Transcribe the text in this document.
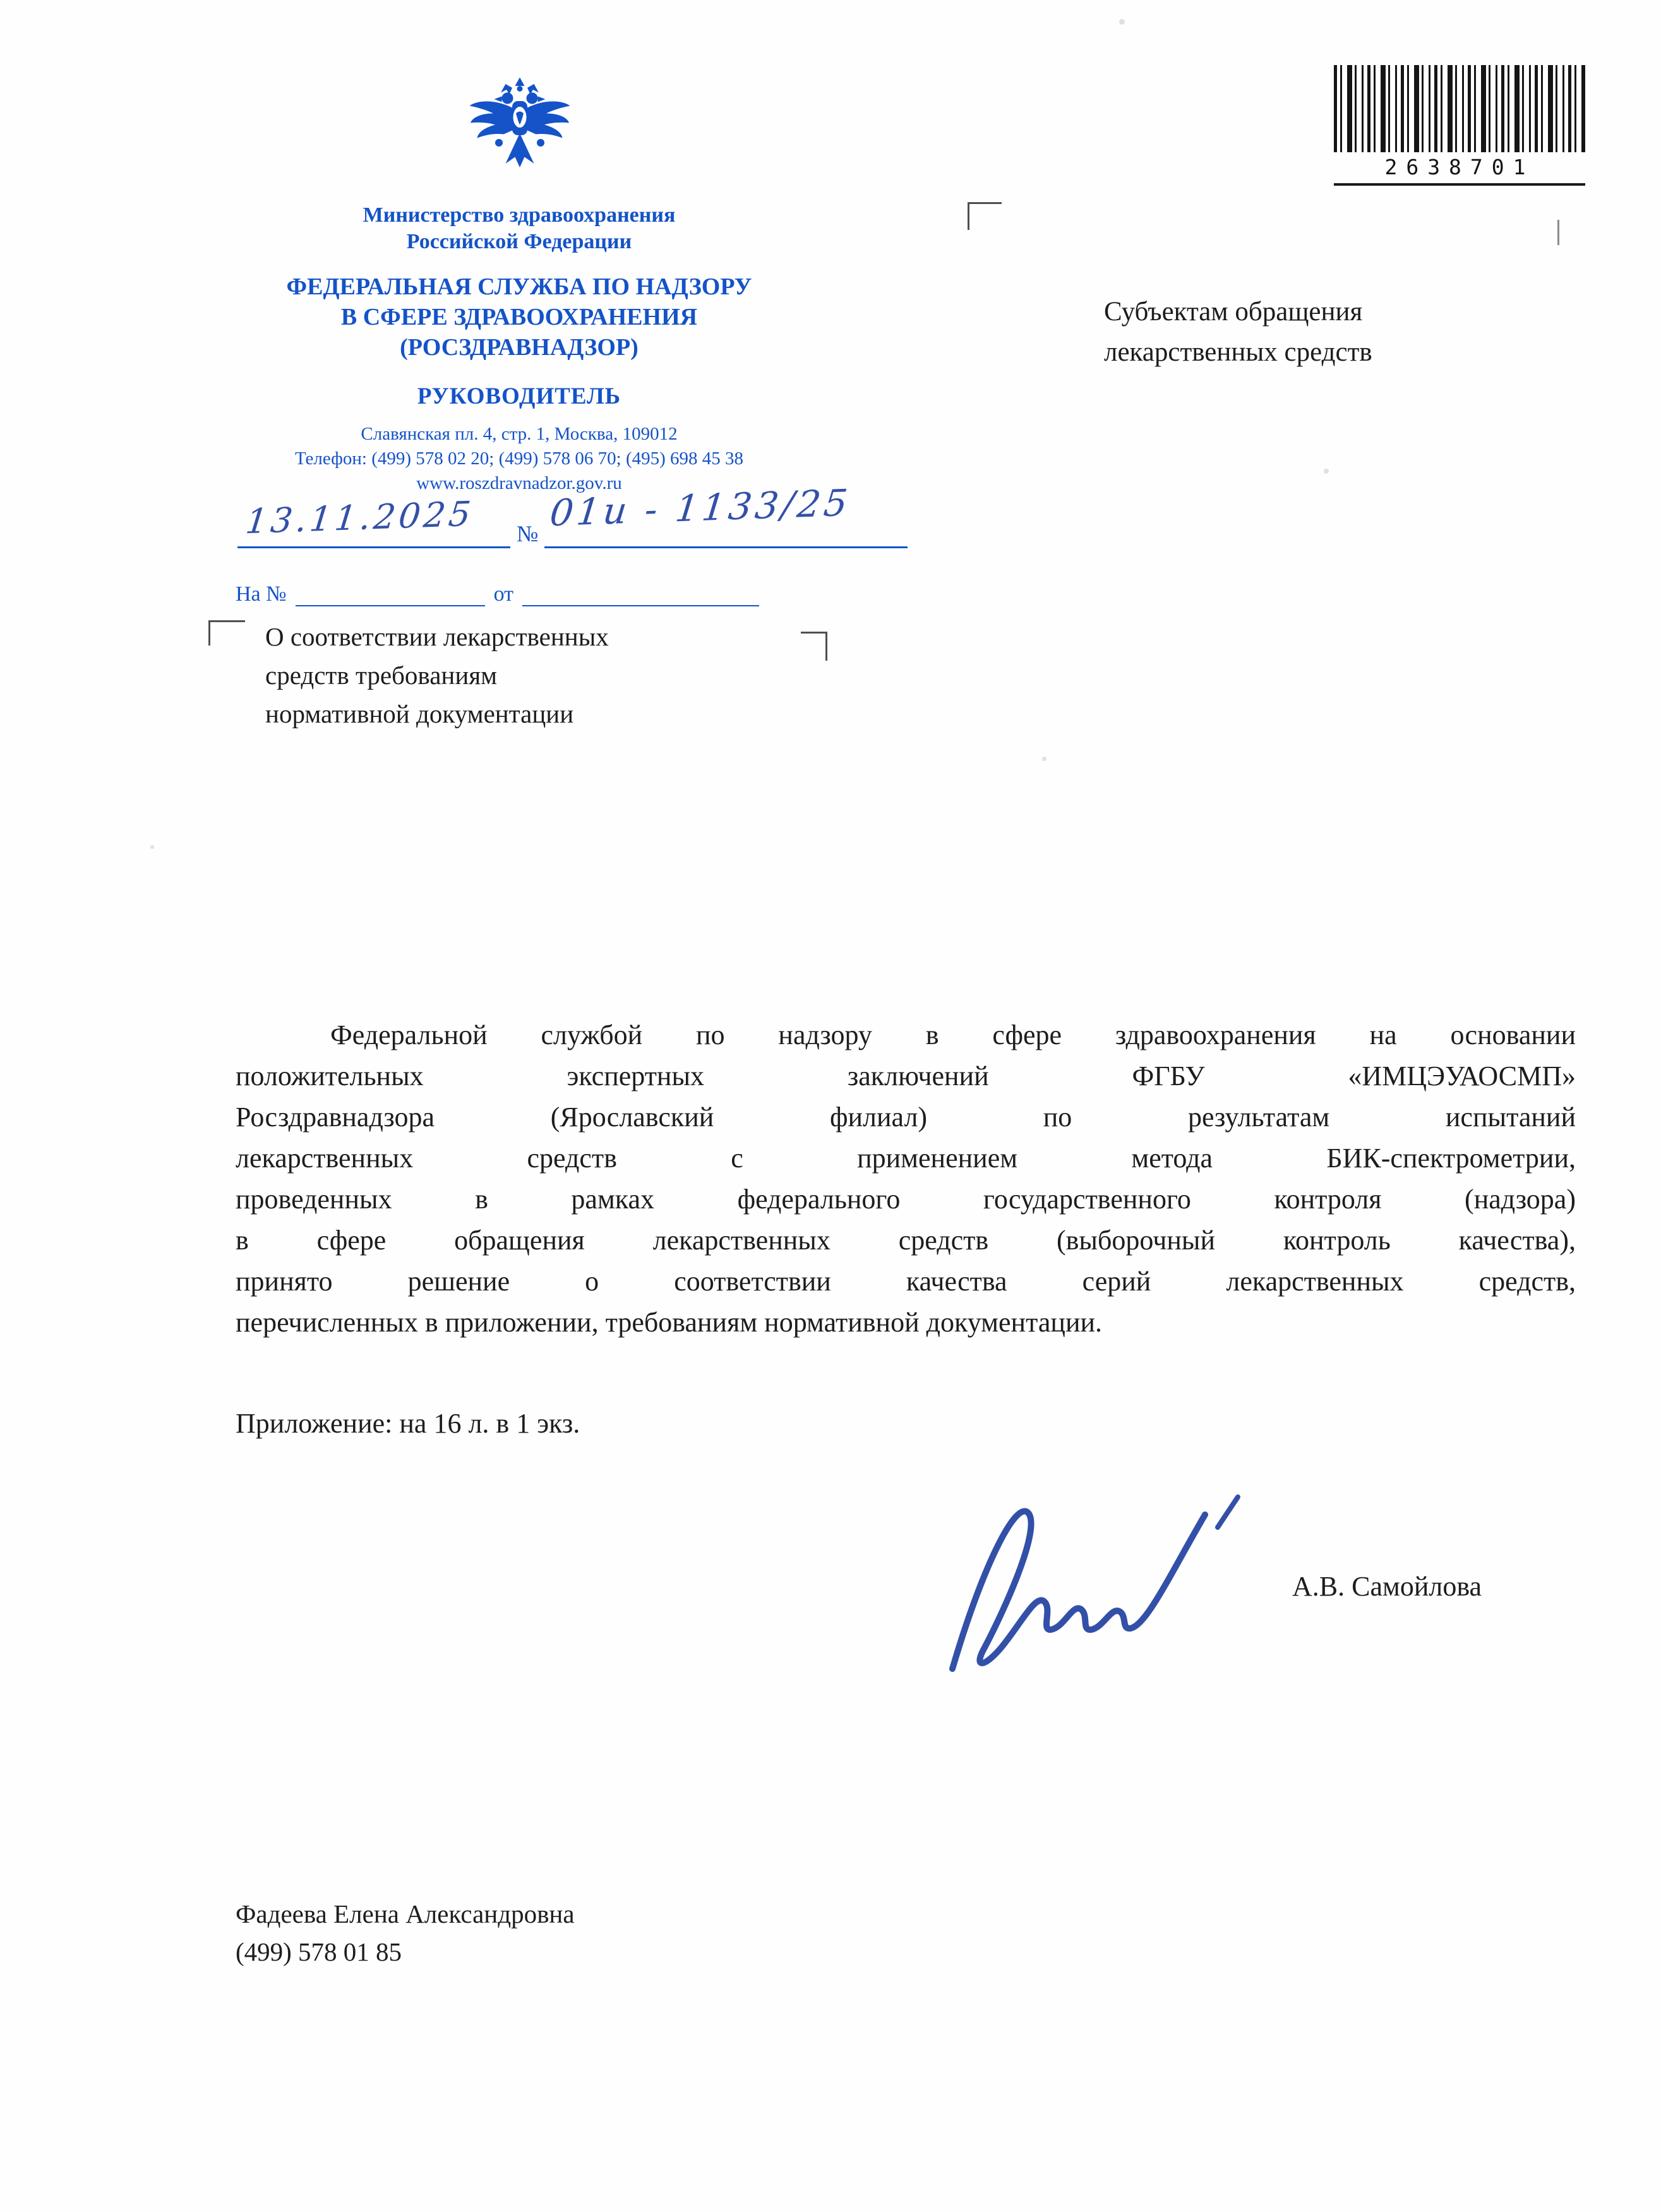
2638701
Министерство здравоохранения
Российской Федерации
ФЕДЕРАЛЬНАЯ СЛУЖБА ПО НАДЗОРУ
В СФЕРЕ ЗДРАВООХРАНЕНИЯ
(РОСЗДРАВНАДЗОР)
РУКОВОДИТЕЛЬ
Славянская пл. 4, стр. 1, Москва, 109012
Телефон: (499) 578 02 20; (499) 578 06 70; (495) 698 45 38
www.roszdravnadzor.gov.ru
13.11.2025	№ 01и - 1133/25
На №	от
О соответствии лекарственных
средств требованиям
нормативной документации
Субъектам обращения
лекарственных средств
Федеральной службой по надзору в сфере здравоохранения на основании
положительных экспертных заключений ФГБУ «ИМЦЭУАОСМП»
Росздравнадзора (Ярославский филиал) по результатам испытаний
лекарственных средств с применением метода БИК-спектрометрии,
проведенных в рамках федерального государственного контроля (надзора)
в сфере обращения лекарственных средств (выборочный контроль качества),
принято решение о соответствии качества серий лекарственных средств,
перечисленных в приложении, требованиям нормативной документации.
Приложение: на 16 л. в 1 экз.
А.В. Самойлова
Фадеева Елена Александровна
(499) 578 01 85
